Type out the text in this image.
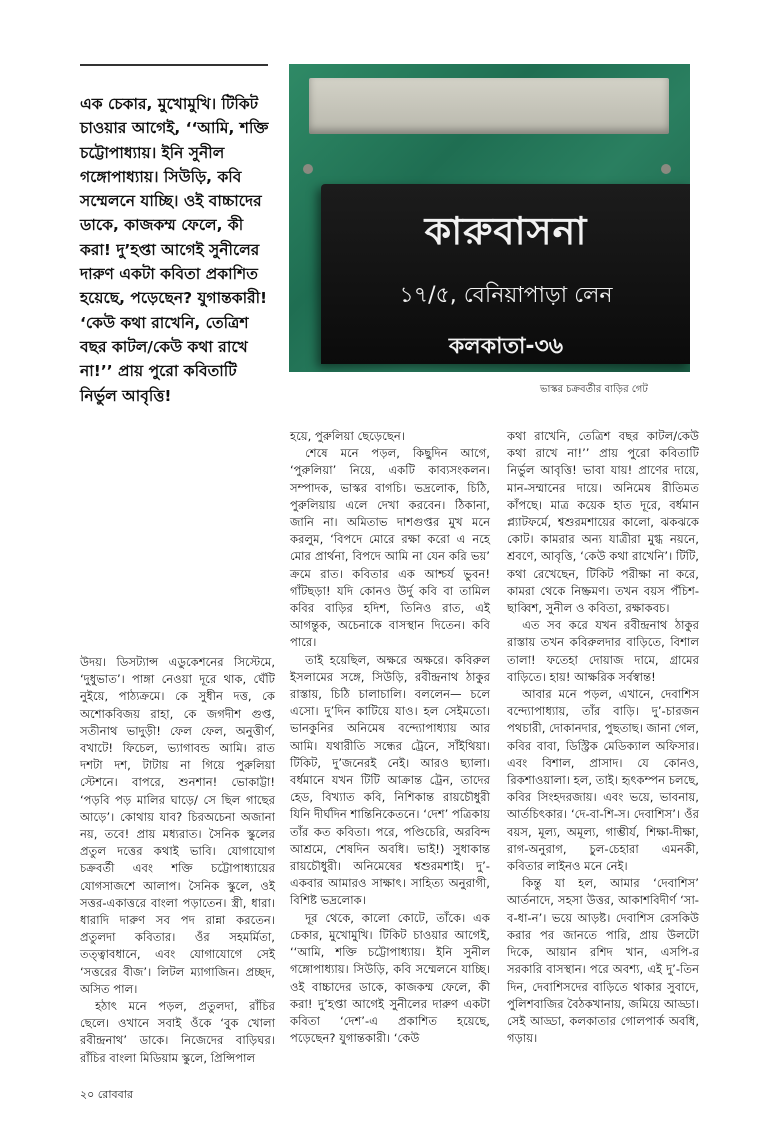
এক চেকার, মুখোমুখি। টিকিট চাওয়ার আগেই, ‘‘আমি, শক্তি চট্টোপাধ্যায়। ইনি সুনীল গঙ্গোপাধ্যায়। সিউড়ি, কবি সম্মেলনে যাচ্ছি। ওই বাচ্চাদের ডাকে, কাজকম্ম ফেলে, কী করা! দু’হপ্তা আগেই সুনীলের দারুণ একটা কবিতা প্রকাশিত হয়েছে, পড়েছেন? যুগান্তকারী! ‘কেউ কথা রাখেনি, তেত্রিশ বছর কাটল/কেউ কথা রাখে না!’’ প্রায় পুরো কবিতাটি নির্ভুল আবৃত্তি!

কারুবাসনা
১৭/৫, বেনিয়াপাড়া লেন
কলকাতা-৩৬
ভাস্কর চক্রবর্তীর বাড়ির গেট

উদয়। ডিসট্যান্স এডুকেশনের সিস্টেমে, ‘দুধুভাত’। পাঙ্গা নেওয়া দূরে থাক, ঘেঁটি নুইয়ে, পাঠ্যক্রমে। কে সুধীন দত্ত, কে অশোকবিজয় রাহা, কে জগদীশ গুপ্ত, সতীনাথ ভাদুড়ী! ফেল ফেল, অনুত্তীর্ণ, বখাটে! ফিচেল, ভ্যাগাবন্ড আমি। রাত দশটা দশ, টাটায় না গিয়ে পুরুলিয়া স্টেশনে। বাপরে, শুনশান! ভোকাট্টা! ‘পড়বি পড় মালির ঘাড়ে/ সে ছিল গাছের আড়ে’। কোথায় যাব? চিরঅচেনা অজানা নয়, তবে! প্রায় মধ্যরাত। সৈনিক স্কুলের প্রতুল দত্তের কথাই ভাবি। যোগাযোগ চক্রবর্তী এবং শক্তি চট্টোপাধ্যায়ের যোগসাজশে আলাপ। সৈনিক স্কুলে, ওই সত্তর-একাত্তরে বাংলা পড়াতেন। স্ত্রী, ধারা। ধারাদি দারুণ সব পদ রান্না করতেন। প্রতুলদা কবিতার। ওঁর সহমর্মিতা, তত্ত্বাবধানে, এবং যোগাযোগে সেই ‘সত্তরের বীজ’। লিটল ম্যাগাজিন। প্রচ্ছদ, অসিত পাল।

হঠাৎ মনে পড়ল, প্রতুলদা, রাঁচির ছেলে। ওখানে সবাই ওঁকে ‘বুক খোলা রবীন্দ্রনাথ’ ডাকে। নিজেদের বাড়িঘর। রাঁচির বাংলা মিডিয়াম স্কুলে, প্রিন্সিপাল

হয়ে, পুরুলিয়া ছেড়েছেন।

শেষে মনে পড়ল, কিছুদিন আগে, ‘পুরুলিয়া’ নিয়ে, একটি কাব্যসংকলন। সম্পাদক, ভাস্কর বাগচি। ভদ্রলোক, চিঠি, পুরুলিয়ায় এলে দেখা করবেন। ঠিকানা, জানি না। অমিতাভ দাশগুপ্তর মুখ মনে করলুম, ‘বিপদে মোরে রক্ষা করো এ নহে মোর প্রার্থনা, বিপদে আমি না যেন করি ভয়’ ক্রমে রাত। কবিতার এক আশ্চর্য ভুবন! গাঁটছড়া! যদি কোনও উর্দু কবি বা তামিল কবির বাড়ির হদিশ, তিনিও রাত, এই আগন্তুক, অচেনাকে বাসস্থান দিতেন। কবি পারে।

তাই হয়েছিল, অক্ষরে অক্ষরে। কবিরুল ইসলামের সঙ্গে, সিউড়ি, রবীন্দ্রনাথ ঠাকুর রাস্তায়, চিঠি চালাচালি। বললেন— চলে এসো। দু’দিন কাটিয়ে যাও। হল সেইমতো। ভানকুনির অনিমেষ বন্দ্যোপাধ্যায় আর আমি। যথারীতি সন্ধের ট্রেনে, সাঁইথিয়া। টিকিট, দু’জনেরই নেই। আরও ছ্যালা। বর্ধমানে যখন টিটি আক্রান্ত ট্রেন, তাদের হেড, বিখ্যাত কবি, নিশিকান্ত রায়চৌধুরী যিনি দীর্ঘদিন শান্তিনিকেতনে। ‘দেশ’ পত্রিকায় তাঁর কত কবিতা। পরে, পণ্ডিচেরি, অরবিন্দ আশ্রমে, শেষদিন অবধি। ভাই!) সুধাকান্ত রায়চৌধুরী। অনিমেষের শ্বশুরমশাই। দু’-একবার আমারও সাক্ষাৎ। সাহিত্য অনুরাগী, বিশিষ্ট ভদ্রলোক।

দূর থেকে, কালো কোটে, তাঁকে। এক চেকার, মুখোমুখি। টিকিট চাওয়ার আগেই, ‘‘আমি, শক্তি চট্টোপাধ্যায়। ইনি সুনীল গঙ্গোপাধ্যায়। সিউড়ি, কবি সম্মেলনে যাচ্ছি। ওই বাচ্চাদের ডাকে, কাজকম্ম ফেলে, কী করা! দু’হপ্তা আগেই সুনীলের দারুণ একটা কবিতা ‘দেশ’-এ প্রকাশিত হয়েছে, পড়েছেন? যুগান্তকারী। ‘কেউ

কথা রাখেনি, তেত্রিশ বছর কাটল/কেউ কথা রাখে না!’’ প্রায় পুরো কবিতাটি নির্ভুল আবৃত্তি! ভাবা যায়! প্রাণের দায়ে, মান-সম্মানের দায়ে। অনিমেষ রীতিমত কাঁপছে। মাত্র কয়েক হাত দূরে, বর্ধমান প্ল্যাটফর্মে, শ্বশুরমশায়ের কালো, ঝকঝকে কোট। কামরার অন্য যাত্রীরা মুগ্ধ নয়নে, শ্রবণে, আবৃত্তি, ‘কেউ কথা রাখেনি’। টিটি, কথা রেখেছেন, টিকিট পরীক্ষা না করে, কামরা থেকে নিষ্ক্রমণ। তখন বয়স পঁচিশ-ছাব্বিশ, সুনীল ও কবিতা, রক্ষাকবচ।

এত সব করে যখন রবীন্দ্রনাথ ঠাকুর রাস্তায় তখন কবিরুলদার বাড়িতে, বিশাল তালা! ফতেহা দোয়াজ দামে, গ্রামের বাড়িতে। হায়! আক্ষরিক সর্বস্বান্ত!

আবার মনে পড়ল, এখানে, দেবাশিস বন্দ্যোপাধ্যায়, তাঁর বাড়ি। দু’-চারজন পথচারী, দোকানদার, পুছতাছ। জানা গেল, কবির বাবা, ডিস্ট্রিক মেডিক্যাল অফিসার। এবং বিশাল, প্রাসাদ। যে কোনও, রিকশাওয়ালা। হল, তাই। হৃৎকম্পন চলছে, কবির সিংহদরজায়। এবং ভয়ে, ভাবনায়, আর্তচিৎকার। ‘দে-বা-শি-স। দেবাশিস’। ওঁর বয়স, মূল্য, অমূল্য, গাম্ভীর্য, শিক্ষা-দীক্ষা, রাগ-অনুরাগ, চুল-চেহারা এমনকী, কবিতার লাইনও মনে নেই।

কিন্তু যা হল, আমার ‘দেবাশিস’ আর্তনাদে, সহসা উত্তর, আকাশবিদীর্ণ ‘সা-ব-ধা-ন’। ভয়ে আড়ষ্ট। দেবাশিস রেসকিউ করার পর জানতে পারি, প্রায় উলটো দিকে, আয়ান রশিদ খান, এসপি-র সরকারি বাসস্থান। পরে অবশ্য, এই দু’-তিন দিন, দেবাশিসদের বাড়িতে থাকার সুবাদে, পুলিশবাজির বৈঠকখানায়, জমিয়ে আড্ডা। সেই আড্ডা, কলকাতার গোলপার্ক অবধি, গড়ায়।

২০ রোববার
